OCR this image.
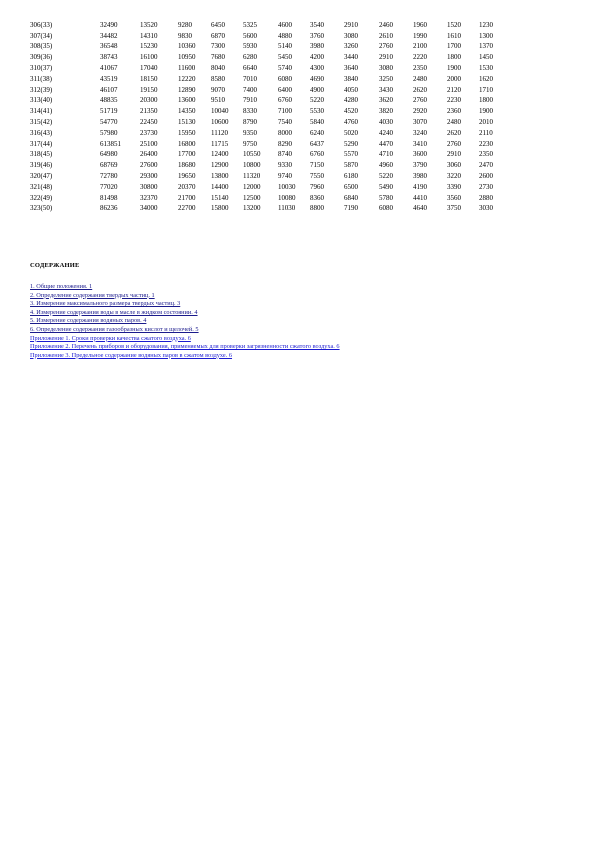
306(33)	32490	13520	9280	6450	5325	4600	3540	2910	2460	1960	1520	1230
307(34)	34482	14310	9830	6870	5600	4880	3760	3080	2610	1990	1610	1300
308(35)	36548	15230	10360	7300	5930	5140	3980	3260	2760	2100	1700	1370
309(36)	38743	16100	10950	7680	6280	5450	4200	3440	2910	2220	1800	1450
310(37)	41067	17040	11600	8040	6640	5740	4300	3640	3080	2350	1900	1530
311(38)	43519	18150	12220	8580	7010	6080	4690	3840	3250	2480	2000	1620
312(39)	46107	19150	12890	9070	7400	6400	4900	4050	3430	2620	2120	1710
313(40)	48835	20300	13600	9510	7910	6760	5220	4280	3620	2760	2230	1800
314(41)	51719	21350	14350	10040	8330	7100	5530	4520	3820	2920	2360	1900
315(42)	54770	22450	15130	10600	8790	7540	5840	4760	4030	3070	2480	2010
316(43)	57980	23730	15950	11120	9350	8000	6240	5020	4240	3240	2620	2110
317(44)	613851	25100	16800	11715	9750	8290	6437	5290	4470	3410	2760	2230
318(45)	64980	26400	17700	12400	10550	8740	6760	5570	4710	3600	2910	2350
319(46)	68769	27600	18680	12900	10800	9330	7150	5870	4960	3790	3060	2470
320(47)	72780	29300	19650	13800	11320	9740	7550	6180	5220	3980	3220	2600
321(48)	77020	30800	20370	14400	12000	10030	7960	6500	5490	4190	3390	2730
322(49)	81498	32370	21700	15140	12500	10080	8360	6840	5780	4410	3560	2880
323(50)	86236	34000	22700	15800	13200	11030	8800	7190	6080	4640	3750	3030
СОДЕРЖАНИЕ
1. Общие положения. 1
2. Определение содержания твердых частиц. 1
3. Измерение максимального размера твердых частиц. 3
4. Измерение содержания воды в масле в жидком состоянии. 4
5. Измерение содержания водяных паров. 4
6. Определение содержания газообразных кислот и щелочей. 5
Приложение 1. Сроки проверки качества сжатого воздуха. 6
Приложение 2. Перечень приборов и оборудования, применяемых для проверки загрязненности сжатого воздуха. 6
Приложение 3. Предельное содержание водяных паров в сжатом воздухе. 6
